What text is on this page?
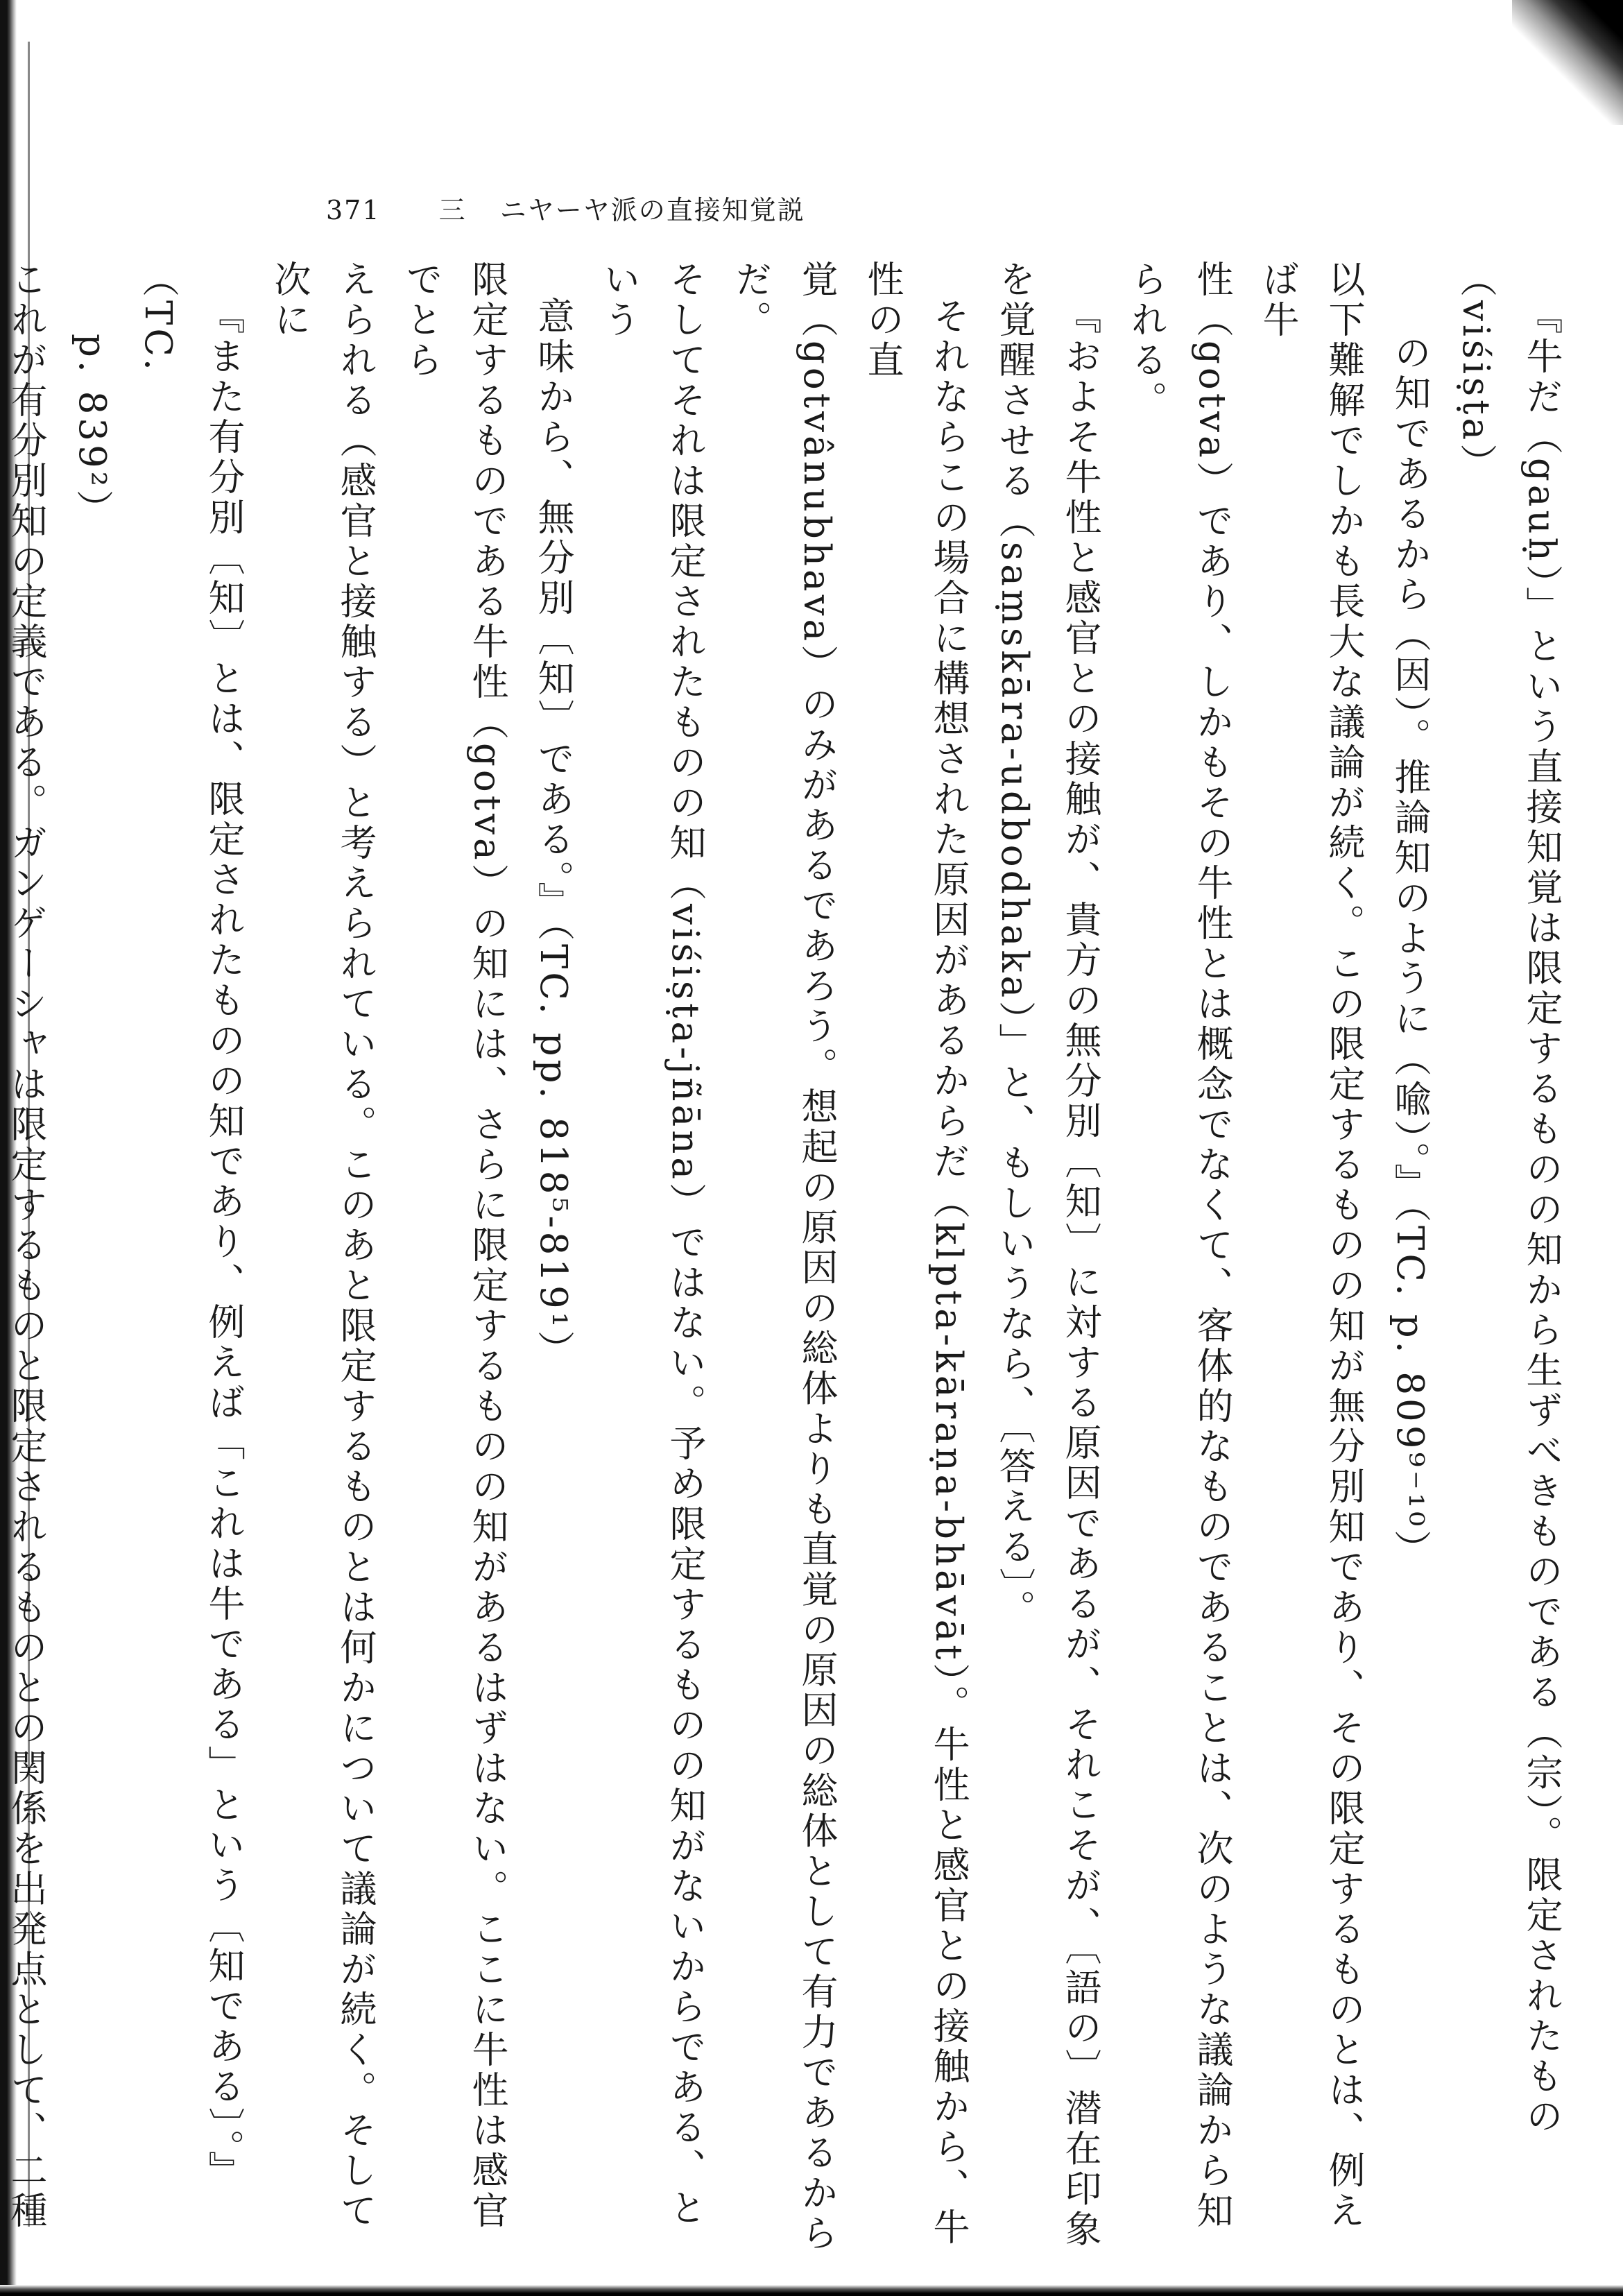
371 三 ニヤーヤ派の直接知覚説

『牛だ（gauḥ）」という直接知覚は限定するものの知から生ずべきものである（宗）。限定されたもの（viśiṣṭa）

の知であるから（因）。推論知のように（喩）。』（TC. p. 809⁹⁻¹⁰）

以下難解でしかも長大な議論が続く。この限定するものの知が無分別知であり、その限定するものとは、例えば牛

性（gotva）であり、しかもその牛性とは概念でなくて、客体的なものであることは、次のような議論から知られる。

『およそ牛性と感官との接触が、貴方の無分別〔知〕に対する原因であるが、それこそが、〔語の〕潜在印象

を覚醒させる（saṃskāra-udbodhaka）」と、もしいうなら、〔答える〕。

それならこの場合に構想された原因があるからだ（klpta-kāraṇa-bhāvāt）。牛性と感官との接触から、牛性の直

覚（gotvânubhava）のみがあるであろう。想起の原因の総体よりも直覚の原因の総体として有力であるからだ。

そしてそれは限定されたものの知（viśiṣṭa-jñāna）ではない。予め限定するものの知がないからである、という

意味から、無分別〔知〕である。』（TC. pp. 818⁵-819¹）

限定するものである牛性（gotva）の知には、さらに限定するものの知があるはずはない。ここに牛性は感官でとら

えられる（感官と接触する）と考えられている。このあと限定するものとは何かについて議論が続く。そして次に

『また有分別〔知〕とは、限定されたものの知であり、例えば「これは牛である」という〔知である〕。』（TC.

p. 839²）

これが有分別知の定義である。ガンゲーシャは限定するものと限定されるものとの関係を出発点として、二種
